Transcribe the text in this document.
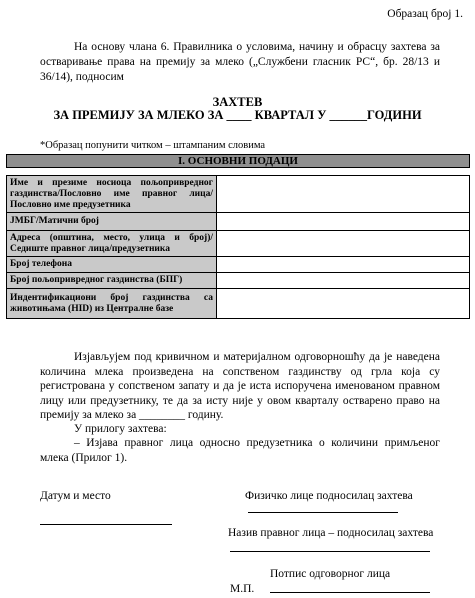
Образац број 1.
На основу члана 6. Правилника о условима, начину и обрасцу захтева за остваривање права на премију за млеко („Службени гласник РС“, бр. 28/13 и 36/14), подносим
ЗАХТЕВ
ЗА ПРЕМИЈУ ЗА МЛЕКО ЗА ____ КВАРТАЛ У ______ГОДИНИ
*Образац попунити читком – штампаним словима
I. ОСНОВНИ ПОДАЦИ
Име и презиме носиоца пољопривредног газдинства/Пословно име правног лица/ Пословно име предузетника	
ЈМБГ/Матични број	
Адреса (општина, место, улица и број)/ Седиште правног лица/предузетника	
Број телефона	
Број пољопривредног газдинства (БПГ)	
Индентификациони број газдинства са животињама (HID) из Централне базе	
Изјављујем под кривичном и материјалном одговорношћу да је наведена количина млека произведена на сопственом газдинству од грла која су регистрована у сопственом запату и да је иста испоручена именованом правном лицу или предузетнику, те да за исту није у овом кварталу остварено право на премију за млеко за ________ годину.
У прилогу захтева:
– Изјава правног лица односно предузетника о количини примљеног млека (Прилог 1).
Датум и место	Физичко лице подносилац захтева
Назив правног лица – подносилац захтева
Потпис одговорног лица
М.П.
